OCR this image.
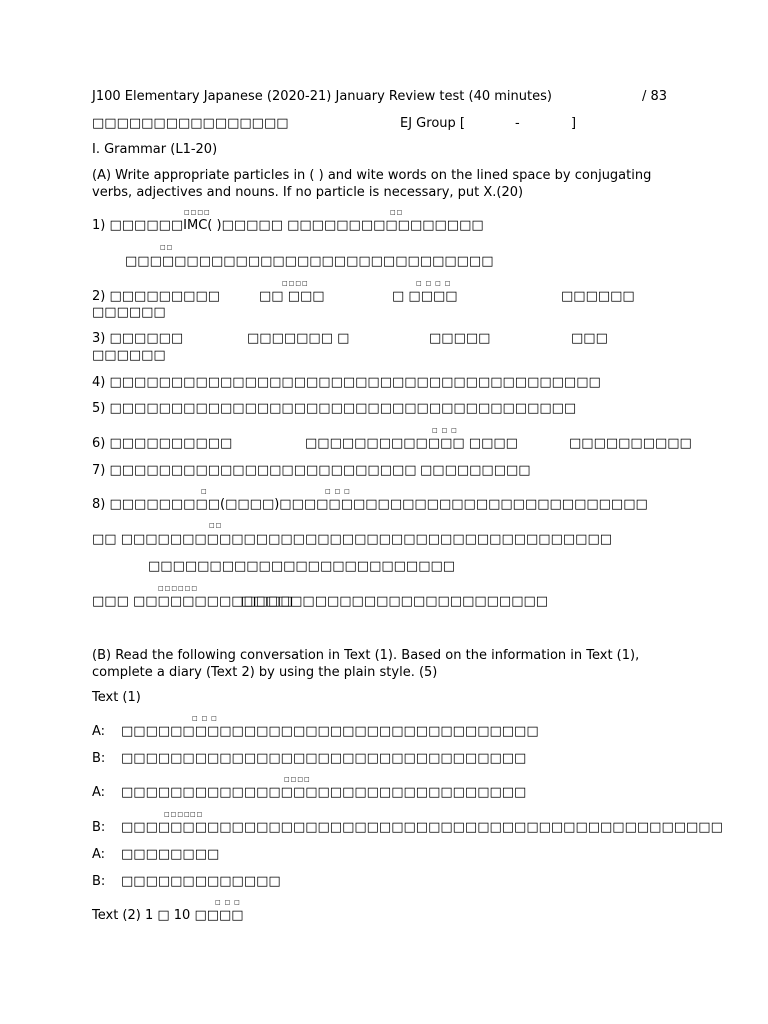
J100 Elementary Japanese (2020-21) January Review test (40 minutes)	/ 83
□□□□□□□□□□□□□□□□	EJ Group [	-	]
I. Grammar (L1-20)
(A) Write appropriate particles in ( ) and wite words on the lined space by conjugating verbs, adjectives and nouns. If no particle is necessary, put X.(20)
□□□□	□□
1) □□□□□□IMC( )□□□□□ □□□□□□□□□□□□□□□□
□□
□□□□□□□□□□□□□□□□□□□□□□□□□□□□□□
□□□□	□ □ □ □
2) □□□□□□□□□	□□ □□□	□ □□□□	□□□□□□
□□□□□□
3) □□□□□□	□□□□□□□ □	□□□□□	□□□
□□□□□□
4) □□□□□□□□□□□□□□□□□□□□□□□□□□□□□□□□□□□□□□□□
5) □□□□□□□□□□□□□□□□□□□□□□□□□□□□□□□□□□□□□□
□ □ □
6) □□□□□□□□□□	□□□□□□□□□□□□□ □□□□	□□□□□□□□□□
7) □□□□□□□□□□□□□□□□□□□□□□□□□ □□□□□□□□□
□	□ □ □
8) □□□□□□□□□(□□□□)□□□□□□□□□□□□□□□□□□□□□□□□□□□□□□
□□
□□ □□□□□□□□□□□□□□□□□□□□□□□□□□□□□□□□□□□□□□□□
□□□□□□□□□□□□□□□□□□□□□□□□□
□□□□□□
□□□ □□□□□□□□□□□□□
□□□□□□□□□□□□□□□□□□□□□□□□□
(B) Read the following conversation in Text (1). Based on the information in Text (1), complete a diary (Text 2) by using the plain style. (5)
Text (1)
□ □ □
A: □□□□□□□□□□□□□□□□□□□□□□□□□□□□□□□□□□
B: □□□□□□□□□□□□□□□□□□□□□□□□□□□□□□□□□
□□□□
A: □□□□□□□□□□□□□□□□□□□□□□□□□□□□□□□□□
□□□□ □□
B: □□□□□□□□□□□□□□□□□□□□□□□□□□□□□□□□□□□□□□□□□□□□□□□□□
A: □□□□□□□□
B: □□□□□□□□□□□□□
□ □ □
Text (2) 1 □ 10 □□□□
